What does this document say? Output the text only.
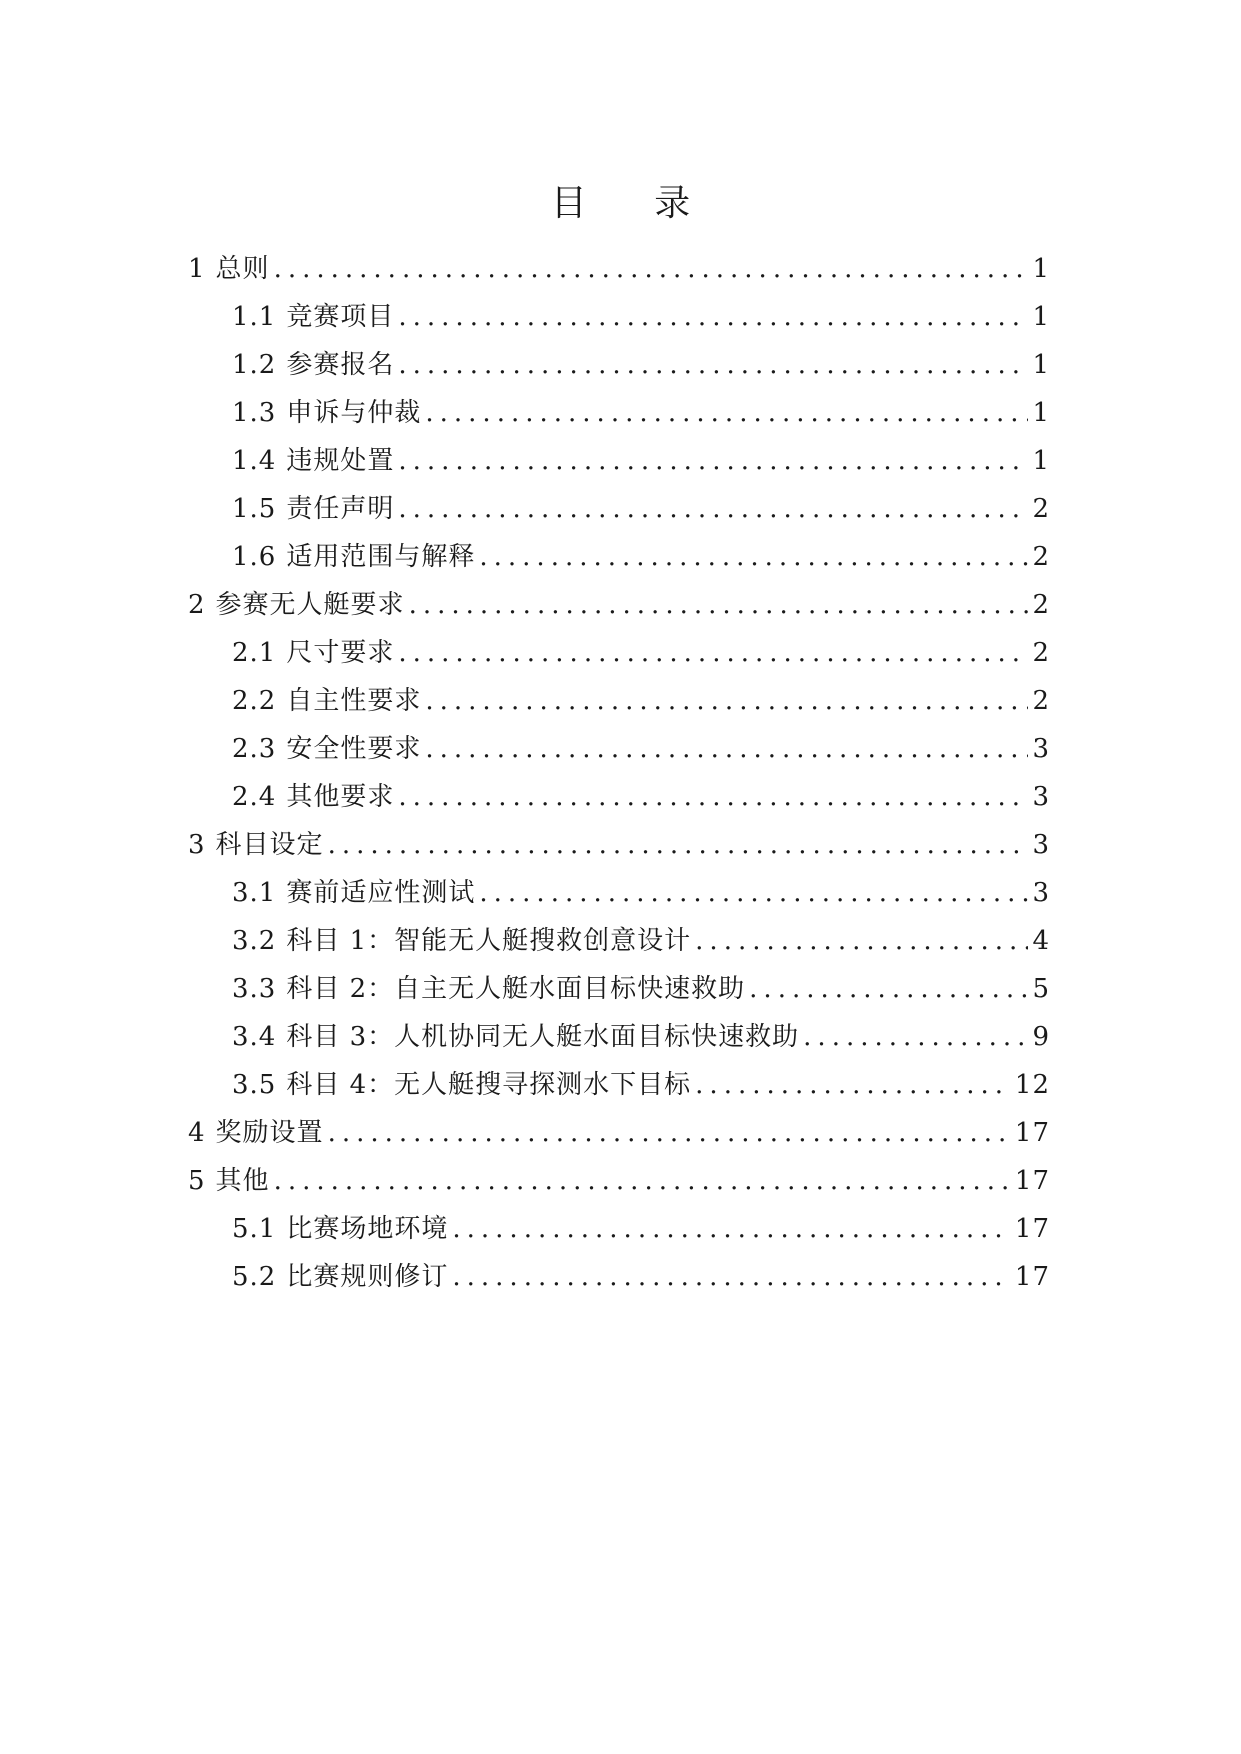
目 录
1 总则 .....	1
1.1 竞赛项目 .....	1
1.2 参赛报名 .....	1
1.3 申诉与仲裁 .....	1
1.4 违规处置 .....	1
1.5 责任声明 .....	2
1.6 适用范围与解释 .....	2
2 参赛无人艇要求 .....	2
2.1 尺寸要求 .....	2
2.2 自主性要求 .....	2
2.3 安全性要求 .....	3
2.4 其他要求 .....	3
3 科目设定 .....	3
3.1 赛前适应性测试 .....	3
3.2 科目 1：智能无人艇搜救创意设计 .....	4
3.3 科目 2：自主无人艇水面目标快速救助 .....	5
3.4 科目 3：人机协同无人艇水面目标快速救助 .....	9
3.5 科目 4：无人艇搜寻探测水下目标 .....	12
4 奖励设置 .....	17
5 其他 .....	17
5.1 比赛场地环境 .....	17
5.2 比赛规则修订 .....	17
